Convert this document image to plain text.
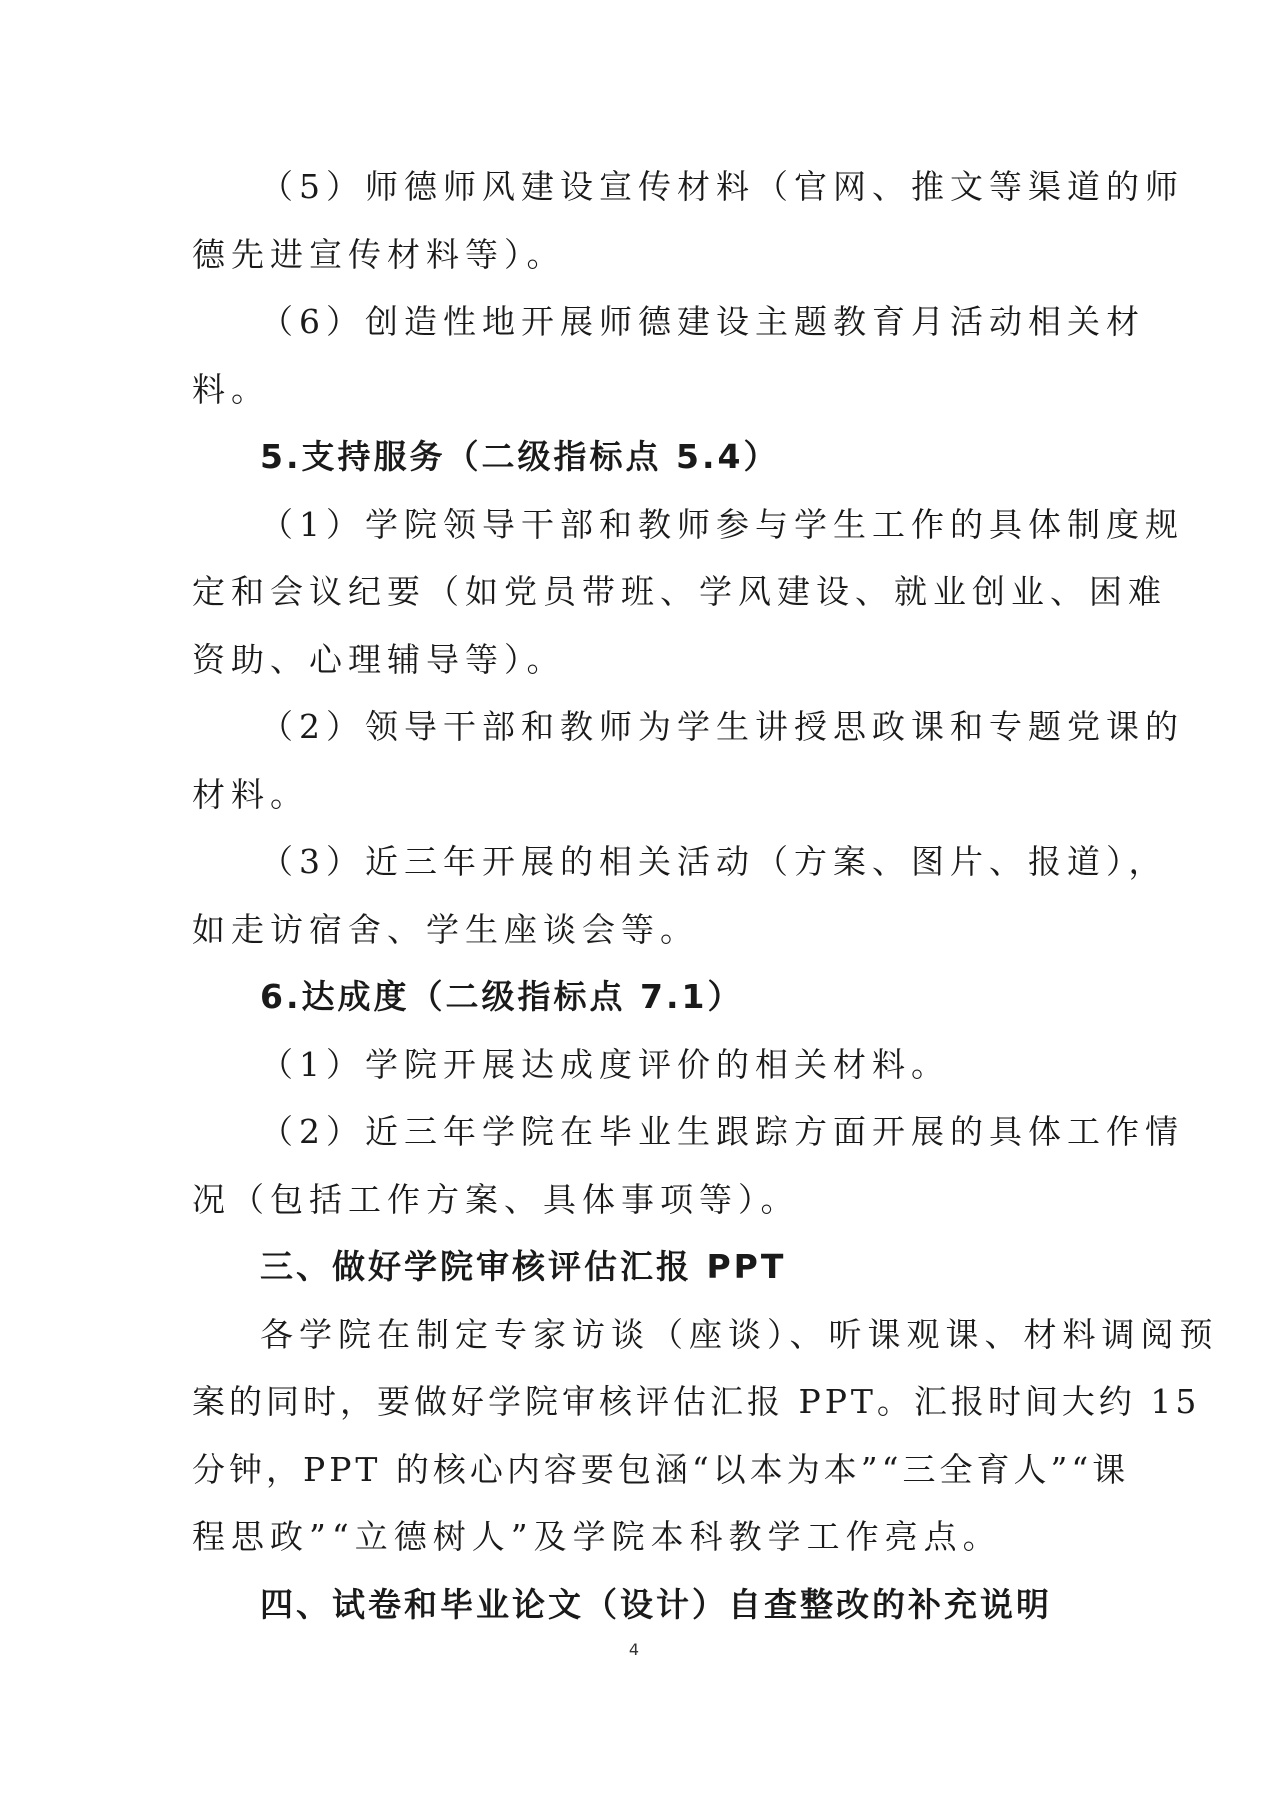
（5）师德师风建设宣传材料（官网、推文等渠道的师
德先进宣传材料等）。
（6）创造性地开展师德建设主题教育月活动相关材
料。
5.支持服务（二级指标点 5.4）
（1）学院领导干部和教师参与学生工作的具体制度规
定和会议纪要（如党员带班、学风建设、就业创业、困难
资助、心理辅导等）。
（2）领导干部和教师为学生讲授思政课和专题党课的
材料。
（3）近三年开展的相关活动（方案、图片、报道），
如走访宿舍、学生座谈会等。
6.达成度（二级指标点 7.1）
（1）学院开展达成度评价的相关材料。
（2）近三年学院在毕业生跟踪方面开展的具体工作情
况（包括工作方案、具体事项等）。
三、做好学院审核评估汇报 PPT
各学院在制定专家访谈（座谈）、听课观课、材料调阅预
案的同时，要做好学院审核评估汇报 PPT。汇报时间大约 15
分钟，PPT 的核心内容要包涵“以本为本”“三全育人”“课
程思政”“立德树人”及学院本科教学工作亮点。
四、试卷和毕业论文（设计）自查整改的补充说明
4
